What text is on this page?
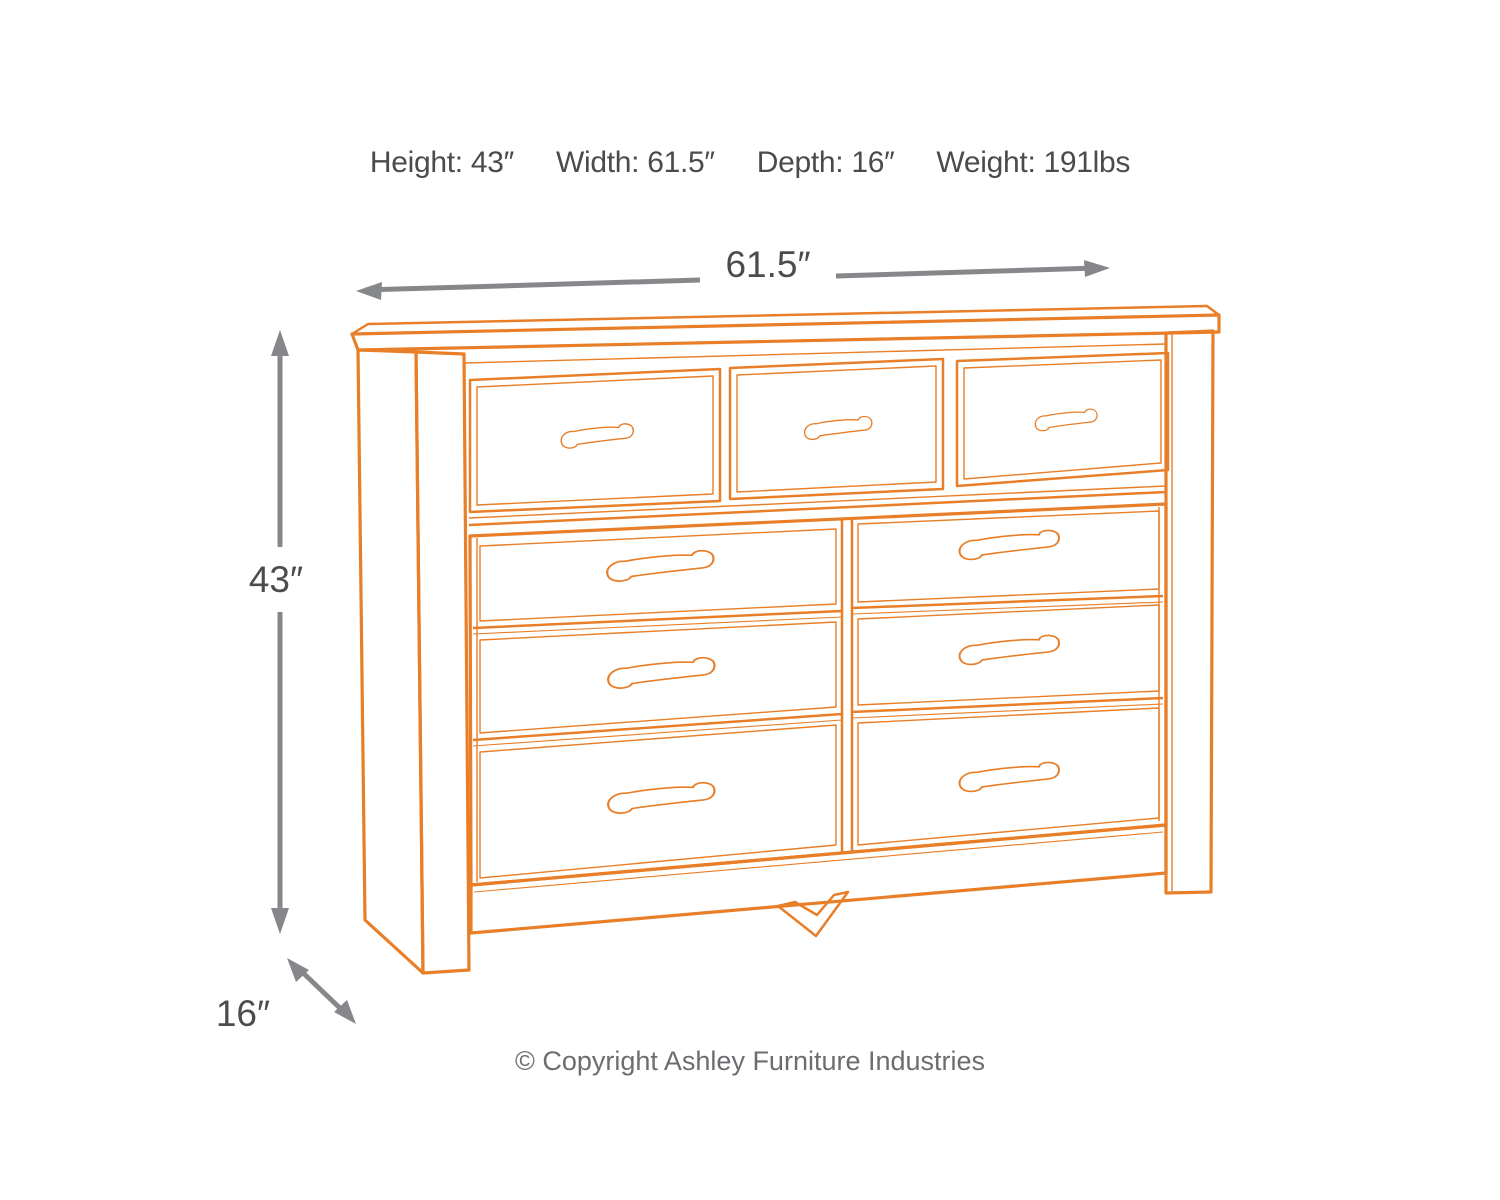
Height: 43″ Width: 61.5″ Depth: 16″ Weight: 191lbs
61.5″
43″
16″
© Copyright Ashley Furniture Industries
